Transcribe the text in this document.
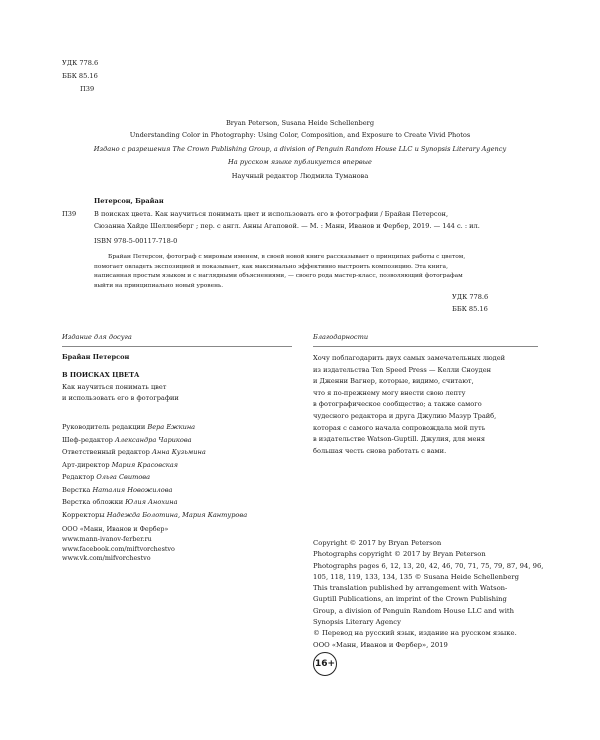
УДК 778.6
ББК 85.16
П39
Bryan Peterson, Susana Heide Schellenberg
Understanding Color in Photography: Using Color, Composition, and Exposure to Create Vivid Photos
Издано с разрешения The Crown Publishing Group, a division of Penguin Random House LLC и Synopsis Literary Agency
На русском языке публикуется впервые
Научный редактор Людмила Туманова
Петерсон, Брайан
П39	В поисках цвета. Как научиться понимать цвет и использовать его в фотографии / Брайан Петерсон,
Сюзанна Хайде Шелленберг ; пер. с англ. Анны Агаповой. — М. : Манн, Иванов и Фербер, 2019. — 144 с. : ил.
ISBN 978-5-00117-718-0
Брайан Петерсон, фотограф с мировым именем, в своей новой книге рассказывает о принципах работы с цветом,
помогает овладеть экспозицией и показывает, как максимально эффективно выстроить композицию. Эта книга,
написанная простым языком и с наглядными объяснениями, — своего рода мастер-класс, позволяющий фотографам
выйти на принципиально новый уровень.
УДК 778.6
ББК 85.16
Издание для досуга
Брайан Петерсон
В ПОИСКАХ ЦВЕТА
Как научиться понимать цвет
и использовать его в фотографии
Руководитель редакции Вера Ежкина
Шеф-редактор Александра Чарикова
Ответственный редактор Анна Кузьмина
Арт-директор Мария Красовская
Редактор Ольга Свитова
Верстка Наталия Новожилова
Верстка обложки Юлия Анохина
Корректоры Надежда Болотина, Мария Кантурова
ООО «Манн, Иванов и Фербер»
www.mann-ivanov-ferber.ru
www.facebook.com/miftvorchestvo
www.vk.com/mifvorchestvo
Благодарности
Хочу поблагодарить двух самых замечательных людей
из издательства Ten Speed Press — Келли Сноуден
и Дженни Вагнер, которые, видимо, считают,
что я по-прежнему могу внести свою лепту
в фотографическое сообщество; а также самого
чудесного редактора и друга Джулию Мазур Трайб,
которая с самого начала сопровождала мой путь
в издательстве Watson-Guptill. Джулия, для меня
большая честь снова работать с вами.
Copyright © 2017 by Bryan Peterson
Photographs copyright © 2017 by Bryan Peterson
Photographs pages 6, 12, 13, 20, 42, 46, 70, 71, 75, 79, 87, 94, 96,
105, 118, 119, 133, 134, 135 © Susana Heide Schellenberg
This translation published by arrangement with Watson-
Guptill Publications, an imprint of the Crown Publishing
Group, a division of Penguin Random House LLC and with
Synopsis Literary Agency
© Перевод на русский язык, издание на русском языке.
ООО «Манн, Иванов и Фербер», 2019
16+
